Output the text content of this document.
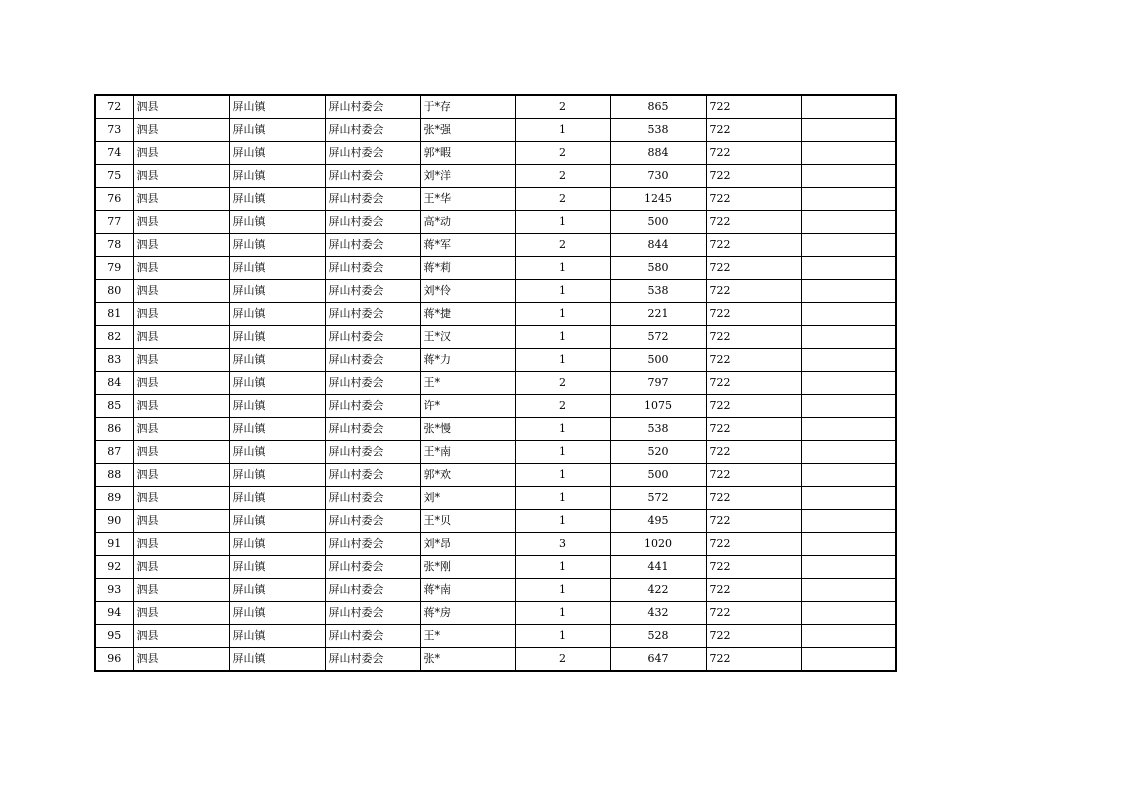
72	泗县	屏山镇	屏山村委会	于*存	2	865	722	
73	泗县	屏山镇	屏山村委会	张*强	1	538	722	
74	泗县	屏山镇	屏山村委会	郭*暇	2	884	722	
75	泗县	屏山镇	屏山村委会	刘*洋	2	730	722	
76	泗县	屏山镇	屏山村委会	王*华	2	1245	722	
77	泗县	屏山镇	屏山村委会	高*动	1	500	722	
78	泗县	屏山镇	屏山村委会	蒋*军	2	844	722	
79	泗县	屏山镇	屏山村委会	蒋*莉	1	580	722	
80	泗县	屏山镇	屏山村委会	刘*伶	1	538	722	
81	泗县	屏山镇	屏山村委会	蒋*捷	1	221	722	
82	泗县	屏山镇	屏山村委会	王*汉	1	572	722	
83	泗县	屏山镇	屏山村委会	蒋*力	1	500	722	
84	泗县	屏山镇	屏山村委会	王*	2	797	722	
85	泗县	屏山镇	屏山村委会	许*	2	1075	722	
86	泗县	屏山镇	屏山村委会	张*慢	1	538	722	
87	泗县	屏山镇	屏山村委会	王*南	1	520	722	
88	泗县	屏山镇	屏山村委会	郭*欢	1	500	722	
89	泗县	屏山镇	屏山村委会	刘*	1	572	722	
90	泗县	屏山镇	屏山村委会	王*贝	1	495	722	
91	泗县	屏山镇	屏山村委会	刘*昂	3	1020	722	
92	泗县	屏山镇	屏山村委会	张*刚	1	441	722	
93	泗县	屏山镇	屏山村委会	蒋*南	1	422	722	
94	泗县	屏山镇	屏山村委会	蒋*房	1	432	722	
95	泗县	屏山镇	屏山村委会	王*	1	528	722	
96	泗县	屏山镇	屏山村委会	张*	2	647	722	
